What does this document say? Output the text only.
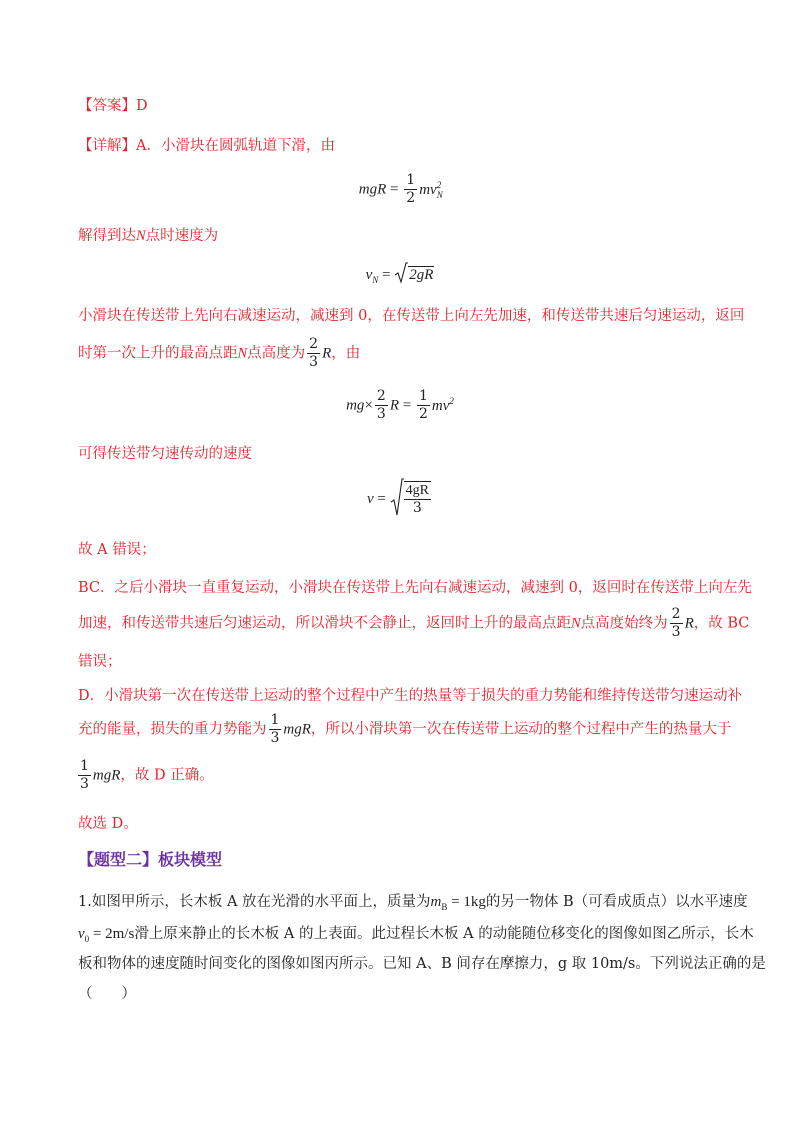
【答案】D
【详解】A．小滑块在圆弧轨道下滑，由
mgR = $\frac{1}{2} mv_N^2$
解得到达N点时速度为
$v_N = 2gR$
小滑块在传送带上先向右减速运动，减速到 0，在传送带上向左先加速，和传送带共速后匀速运动，返回
时第一次上升的最高点距N点高度为 $\frac{2}{3}$ R，由
$mg\times \frac{2}{3}$ $R = \frac{1}{2} mv^2$
可得传送带匀速传动的速度
$v = \frac{4gR}{3}$
故 A 错误；
BC．之后小滑块一直重复运动，小滑块在传送带上先向右减速运动，减速到 0，返回时在传送带上向左先
加速，和传送带共速后匀速运动，所以滑块不会静止，返回时上升的最高点距N点高度始终为 $\frac{2}{3}$ R，故 BC
错误；
D．小滑块第一次在传送带上运动的整个过程中产生的热量等于损失的重力势能和维持传送带匀速运动补
充的能量，损失的重力势能为 $\frac{1}{3}$ mgR，所以小滑块第一次在传送带上运动的整个过程中产生的热量大于
$\frac{1}{3}$ mgR，故 D 正确。
故选 D。
【题型二】板块模型
1.如图甲所示，长木板 A 放在光滑的水平面上，质量为$m_B = 1kg$的另一物体 B（可看成质点）以水平速度
$v_0 = 2m/s$滑上原来静止的长木板 A 的上表面。此过程长木板 A 的动能随位移变化的图像如图乙所示，长木
板和物体的速度随时间变化的图像如图丙所示。已知 A、B 间存在摩擦力，g 取 10m/s。下列说法正确的是
（　　）
